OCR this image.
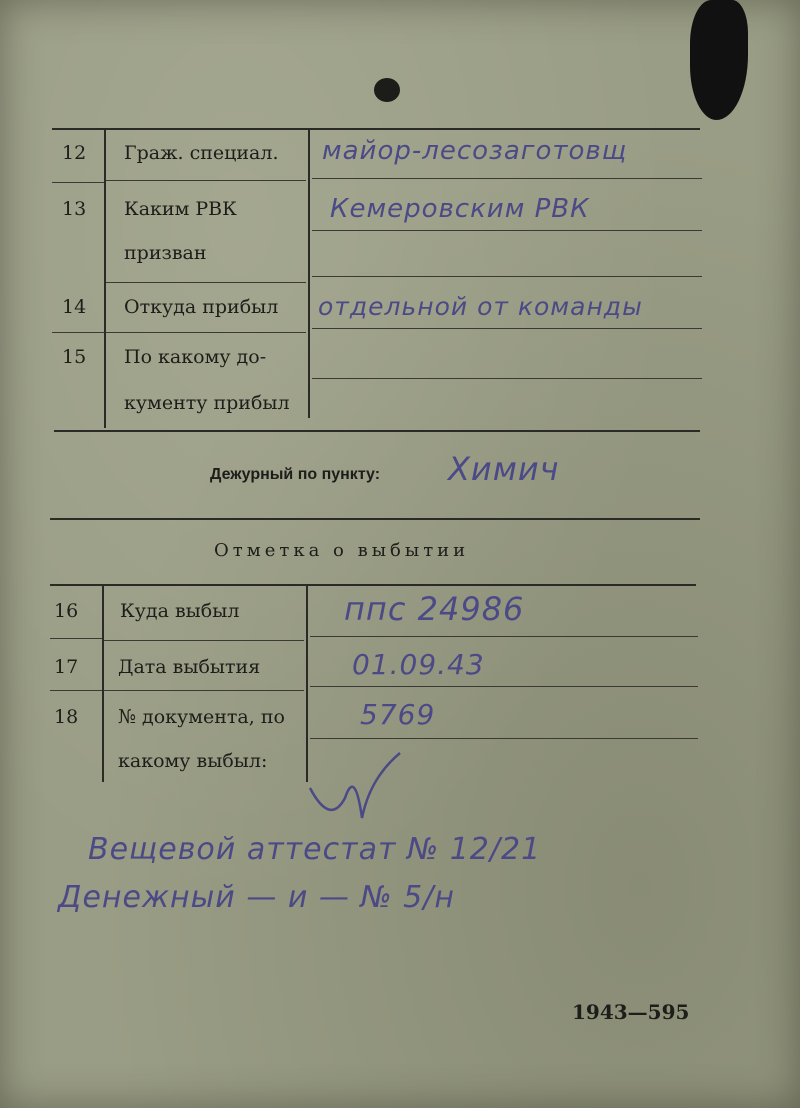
12 Граж. специал. майор-лесозаготовщ
13 Каким РВК
призван
Кемеровским РВК
14 Откуда прибыл отдельной от команды
15 По какому до-
кументу прибыл
Дежурный по пункту: Химич
Отметка о выбытии
16 Куда выбыл	ппс 24986
17 Дата выбытия	01.09.43
18 № документа, по
какому выбыл:
5769
Вещевой аттестат № 12/21
Денежный — и — № 5/н
1943—595
